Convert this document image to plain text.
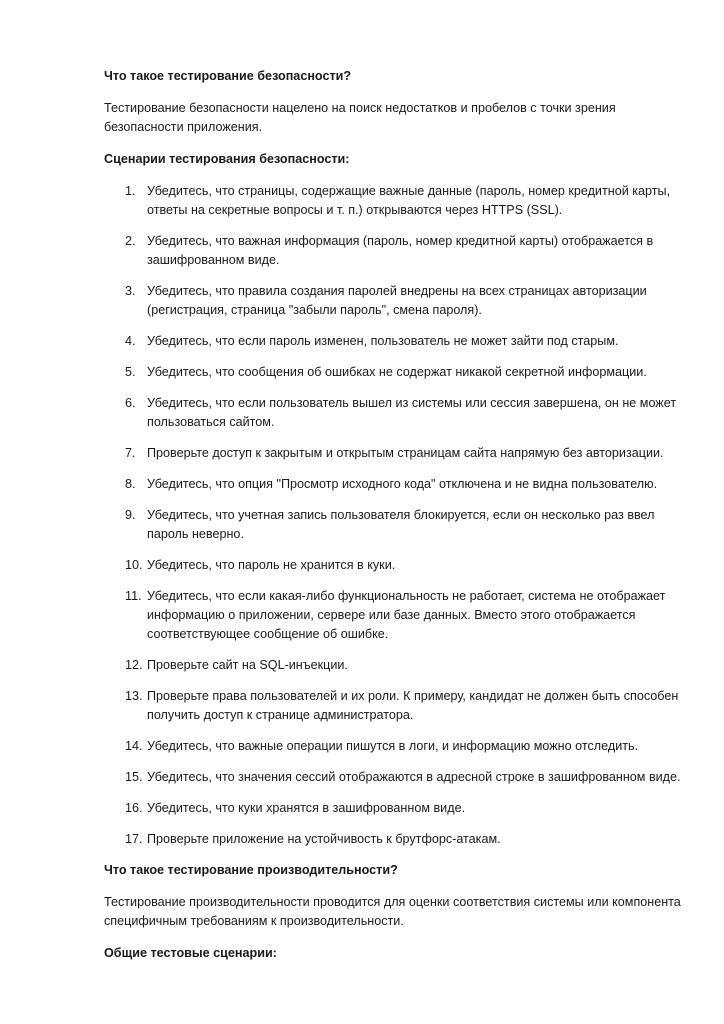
Что такое тестирование безопасности?
Тестирование безопасности нацелено на поиск недостатков и пробелов с точки зрения
безопасности приложения.
Сценарии тестирования безопасности:
1. Убедитесь, что страницы, содержащие важные данные (пароль, номер кредитной карты,
ответы на секретные вопросы и т. п.) открываются через HTTPS (SSL).
2. Убедитесь, что важная информация (пароль, номер кредитной карты) отображается в
зашифрованном виде.
3. Убедитесь, что правила создания паролей внедрены на всех страницах авторизации
(регистрация, страница "забыли пароль", смена пароля).
4. Убедитесь, что если пароль изменен, пользователь не может зайти под старым.
5. Убедитесь, что сообщения об ошибках не содержат никакой секретной информации.
6. Убедитесь, что если пользователь вышел из системы или сессия завершена, он не может
пользоваться сайтом.
7. Проверьте доступ к закрытым и открытым страницам сайта напрямую без авторизации.
8. Убедитесь, что опция "Просмотр исходного кода" отключена и не видна пользователю.
9. Убедитесь, что учетная запись пользователя блокируется, если он несколько раз ввел
пароль неверно.
10. Убедитесь, что пароль не хранится в куки.
11. Убедитесь, что если какая-либо функциональность не работает, система не отображает
информацию о приложении, сервере или базе данных. Вместо этого отображается
соответствующее сообщение об ошибке.
12. Проверьте сайт на SQL-инъекции.
13. Проверьте права пользователей и их роли. К примеру, кандидат не должен быть способен
получить доступ к странице администратора.
14. Убедитесь, что важные операции пишутся в логи, и информацию можно отследить.
15. Убедитесь, что значения сессий отображаются в адресной строке в зашифрованном виде.
16. Убедитесь, что куки хранятся в зашифрованном виде.
17. Проверьте приложение на устойчивость к брутфорс-атакам.
Что такое тестирование производительности?
Тестирование производительности проводится для оценки соответствия системы или компонента
специфичным требованиям к производительности.
Общие тестовые сценарии:
